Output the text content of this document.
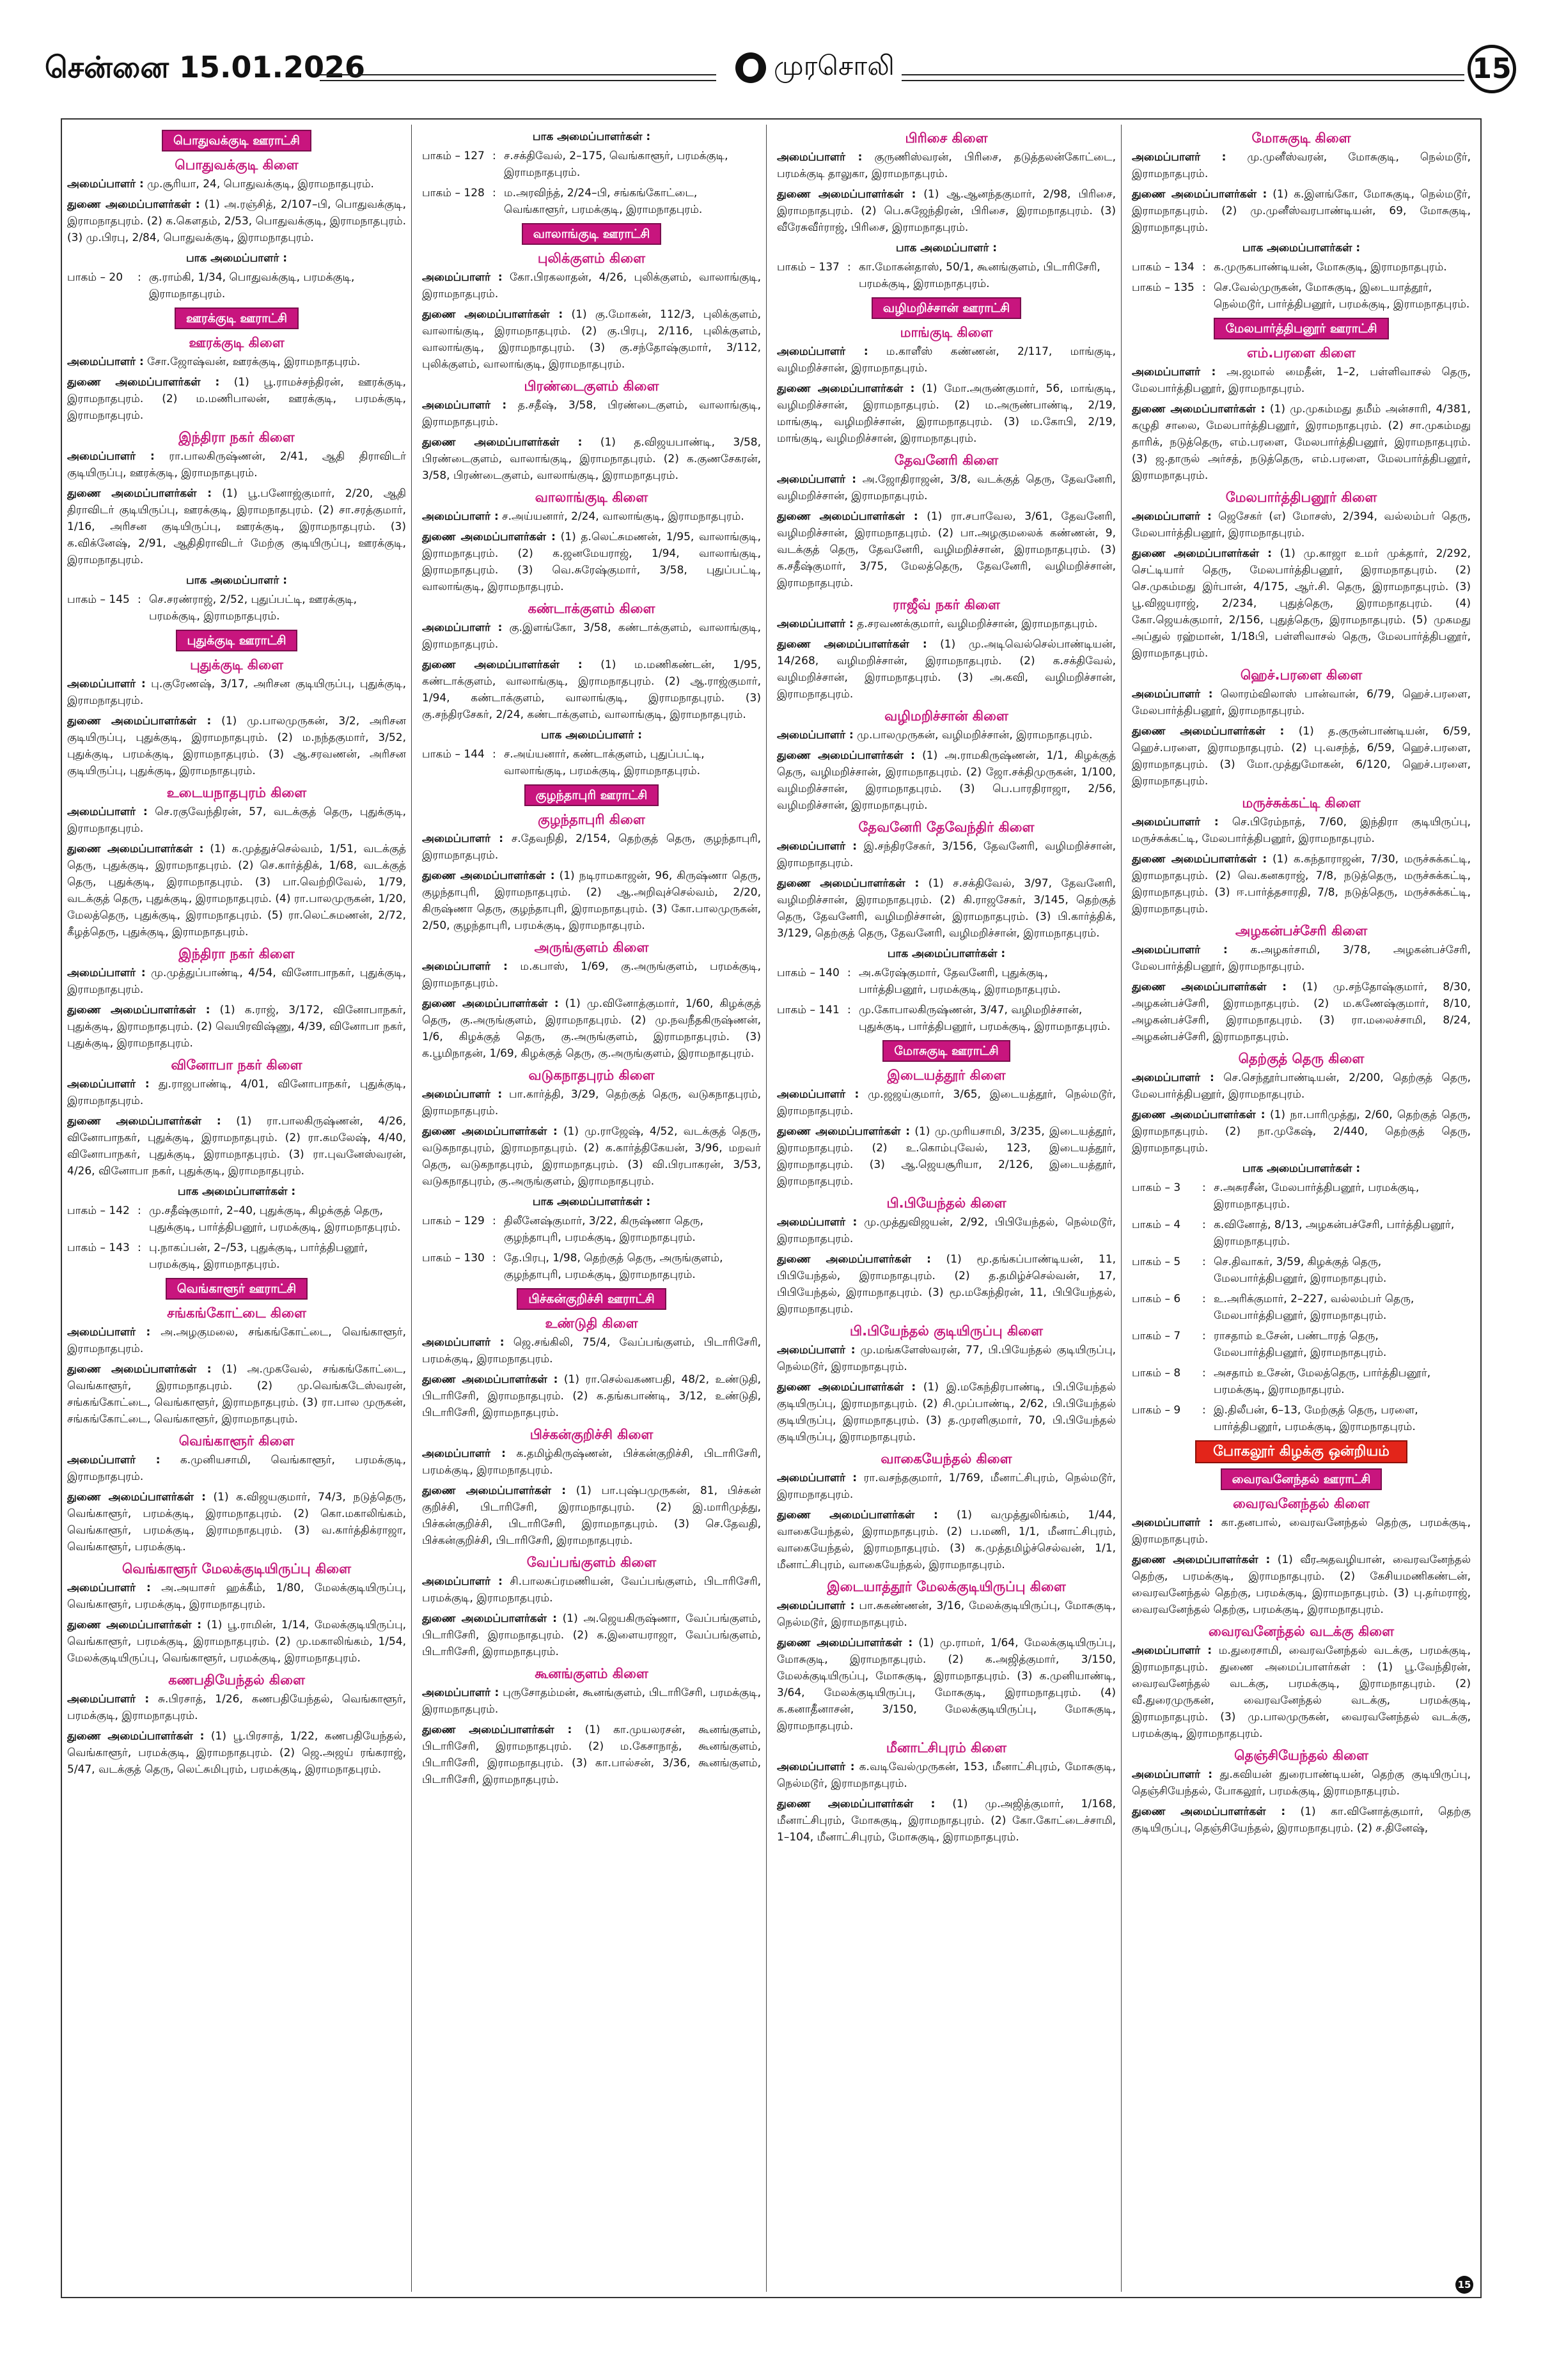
சென்னை 15.01.2026	முரசொலி	15
பொதுவக்குடி ஊராட்சி
பொதுவக்குடி கிளை
அமைப்பாளர் : மு.சூரியா, 24, பொதுவக்குடி, இராமநாதபுரம்.
துணை அமைப்பாளர்கள் : (1) அ.ரஞ்சித், 2/107–பி, பொதுவக்குடி, இராமநாதபுரம். (2) க.கௌதம், 2/53, பொதுவக்குடி, இராமநாதபுரம். (3) மு.பிரபு, 2/84, பொதுவக்குடி, இராமநாதபுரம்.
பாக அமைப்பாளர் :
பாகம் – 20	: கு.ராம்கி, 1/34, பொதுவக்குடி, பரமக்குடி, இராமநாதபுரம்.
ஊரக்குடி ஊராட்சி
ஊரக்குடி கிளை
அமைப்பாளர் : சோ.ஜோஷ்வன், ஊரக்குடி, இராமநாதபுரம்.
துணை அமைப்பாளர்கள் : (1) பூ.ராமச்சந்திரன், ஊரக்குடி, இராமநாதபுரம். (2) ம.மணிபாலன், ஊரக்குடி, பரமக்குடி, இராமநாதபுரம்.
இந்திரா நகர் கிளை
அமைப்பாளர் : ரா.பாலகிருஷ்ணன், 2/41, ஆதி திராவிடர் குடியிருப்பு, ஊரக்குடி, இராமநாதபுரம்.
துணை அமைப்பாளர்கள் : (1) பூ.பனோஜ்குமார், 2/20, ஆதி திராவிடர் குடியிருப்பு, ஊரக்குடி, இராமநாதபுரம். (2) சா.சரத்குமார், 1/16, அரிசன குடியிருப்பு, ஊரக்குடி, இராமநாதபுரம். (3) க.விக்னேஷ், 2/91, ஆதிதிராவிடர் மேற்கு குடியிருப்பு, ஊரக்குடி, இராமநாதபுரம்.
பாக அமைப்பாளர் :
பாகம் – 145 : செ.சரண்ராஜ், 2/52, புதுப்பட்டி, ஊரக்குடி, பரமக்குடி, இராமநாதபுரம்.
புதுக்குடி ஊராட்சி
புதுக்குடி கிளை
அமைப்பாளர் : பு.குரேணஷ், 3/17, அரிசன குடியிருப்பு, புதுக்குடி, இராமநாதபுரம்.
துணை அமைப்பாளர்கள் : (1) மு.பாலமுருகன், 3/2, அரிசன குடியிருப்பு, புதுக்குடி, இராமநாதபுரம். (2) ம.நந்தகுமார், 3/52, புதுக்குடி, பரமக்குடி, இராமநாதபுரம். (3) ஆ.சரவணன், அரிசன குடியிருப்பு, புதுக்குடி, இராமநாதபுரம்.
உடையநாதபுரம் கிளை
அமைப்பாளர் : செ.ரகுவேந்திரன், 57, வடக்குத் தெரு, புதுக்குடி, இராமநாதபுரம்.
துணை அமைப்பாளர்கள் : (1) க.முத்துச்செல்வம், 1/51, வடக்குத் தெரு, புதுக்குடி, இராமநாதபுரம். (2) செ.கார்த்திக், 1/68, வடக்குத் தெரு, புதுக்குடி, இராமநாதபுரம். (3) பா.வெற்றிவேல், 1/79, வடக்குத் தெரு, புதுக்குடி, இராமநாதபுரம். (4) ரா.பாலமுருகன், 1/20, மேலத்தெரு, புதுக்குடி, இராமநாதபுரம். (5) ரா.லெட்சுமணன், 2/72, கீழத்தெரு, புதுக்குடி, இராமநாதபுரம்.
இந்திரா நகர் கிளை
அமைப்பாளர் : மு.முத்துப்பாண்டி, 4/54, வினோபாநகர், புதுக்குடி, இராமநாதபுரம்.
துணை அமைப்பாளர்கள் : (1) க.ராஜ், 3/172, வினோபாநகர், புதுக்குடி, இராமநாதபுரம். (2) வெயிரவிஷ்ணு, 4/39, வினோபா நகர், புதுக்குடி, இராமநாதபுரம்.
வினோபா நகர் கிளை
அமைப்பாளர் : து.ராஜபாண்டி, 4/01, வினோபாநகர், புதுக்குடி, இராமநாதபுரம்.
துணை அமைப்பாளர்கள் : (1) ரா.பாலகிருஷ்ணன், 4/26, வினோபாநகர், புதுக்குடி, இராமநாதபுரம். (2) ரா.கமலேஷ், 4/40, வினோபாநகர், புதுக்குடி, இராமநாதபுரம். (3) ரா.புவனேஸ்வரன், 4/26, வினோபா நகர், புதுக்குடி, இராமநாதபுரம்.
பாக அமைப்பாளர்கள் :
பாகம் – 142 : மு.சதீஷ்குமார், 2–40, புதுக்குடி, கிழக்குத் தெரு, புதுக்குடி, பார்த்திபனூர், பரமக்குடி, இராமநாதபுரம்.
பாகம் – 143 : பு.நாகப்பன், 2–/53, புதுக்குடி, பார்த்திபனூர், பரமக்குடி, இராமநாதபுரம்.
வெங்காளூர் ஊராட்சி
சங்கங்கோட்டை கிளை
அமைப்பாளர் : அ.அழகுமலை, சங்கங்கோட்டை, வெங்காளூர், இராமநாதபுரம்.
துணை அமைப்பாளர்கள் : (1) அ.முகவேல், சங்கங்கோட்டை, வெங்காளூர், இராமநாதபுரம். (2) மு.வெங்கடேஸ்வரன், சங்கங்கோட்டை, வெங்காளூர், இராமநாதபுரம். (3) ரா.பால முருகன், சங்கங்கோட்டை, வெங்காளூர், இராமநாதபுரம்.
வெங்காளூர் கிளை
அமைப்பாளர் : க.முனியசாமி, வெங்காளூர், பரமக்குடி, இராமநாதபுரம்.
துணை அமைப்பாளர்கள் : (1) க.விஜயகுமார், 74/3, நடுத்தெரு, வெங்காளூர், பரமக்குடி, இராமநாதபுரம். (2) கொ.மகாலிங்கம், வெங்காளூர், பரமக்குடி, இராமநாதபுரம். (3) வ.கார்த்திக்ராஜா, வெங்காளூர், பரமக்குடி.
வெங்காளூர் மேலக்குடியிருப்பு கிளை
அமைப்பாளர் : அ.அயாசர் ஹக்கீம், 1/80, மேலக்குடியிருப்பு, வெங்காளூர், பரமக்குடி, இராமநாதபுரம்.
துணை அமைப்பாளர்கள் : (1) பூ.ராமின், 1/14, மேலக்குடியிருப்பு, வெங்காளூர், பரமக்குடி, இராமநாதபுரம். (2) மு.மகாலிங்கம், 1/54, மேலக்குடியிருப்பு, வெங்காளூர், பரமக்குடி, இராமநாதபுரம்.
கணபதியேந்தல் கிளை
அமைப்பாளர் : சு.பிரசாத், 1/26, கணபதியேந்தல், வெங்காளூர், பரமக்குடி, இராமநாதபுரம்.
துணை அமைப்பாளர்கள் : (1) பூ.பிரசாத், 1/22, கணபதியேந்தல், வெங்காளூர், பரமக்குடி, இராமநாதபுரம். (2) ஜெ.அஜய் ரங்கராஜ், 5/47, வடக்குத் தெரு, லெட்சுமிபுரம், பரமக்குடி, இராமநாதபுரம்.
பாக அமைப்பாளர்கள் :
பாகம் – 127 : ச.சக்திவேல், 2–175, வெங்காளூர், பரமக்குடி, இராமநாதபுரம்.
பாகம் – 128 : ம.அரவிந்த், 2/24–பி, சங்கங்கோட்டை, வெங்காளூர், பரமக்குடி, இராமநாதபுரம்.
வாலாங்குடி ஊராட்சி
புலிக்குளம் கிளை
அமைப்பாளர் : கோ.பிரகலாதன், 4/26, புலிக்குளம், வாலாங்குடி, இராமநாதபுரம்.
துணை அமைப்பாளர்கள் : (1) கு.மோகன், 112/3, புலிக்குளம், வாலாங்குடி, இராமநாதபுரம். (2) கு.பிரபு, 2/116, புலிக்குளம், வாலாங்குடி, இராமநாதபுரம். (3) கு.சந்தோஷ்குமார், 3/112, புலிக்குளம், வாலாங்குடி, இராமநாதபுரம்.
பிரண்டைகுளம் கிளை
அமைப்பாளர் : த.சதீஷ், 3/58, பிரண்டைகுளம், வாலாங்குடி, இராமநாதபுரம்.
துணை அமைப்பாளர்கள் : (1) த.விஜயபாண்டி, 3/58, பிரண்டைகுளம், வாலாங்குடி, இராமநாதபுரம். (2) க.குணசேகரன், 3/58, பிரண்டைகுளம், வாலாங்குடி, இராமநாதபுரம்.
வாலாங்குடி கிளை
அமைப்பாளர் : ச.அய்யனார், 2/24, வாலாங்குடி, இராமநாதபுரம்.
துணை அமைப்பாளர்கள் : (1) த.லெட்சுமணன், 1/95, வாலாங்குடி, இராமநாதபுரம். (2) க.ஜனமேயராஜ், 1/94, வாலாங்குடி, இராமநாதபுரம். (3) வெ.சுரேஷ்குமார், 3/58, புதுப்பட்டி, வாலாங்குடி, இராமநாதபுரம்.
கண்டாக்குளம் கிளை
அமைப்பாளர் : கு.இளங்கோ, 3/58, கண்டாக்குளம், வாலாங்குடி, இராமநாதபுரம்.
துணை அமைப்பாளர்கள் : (1) ம.மணிகண்டன், 1/95, கண்டாக்குளம், வாலாங்குடி, இராமநாதபுரம். (2) ஆ.ராஜ்குமார், 1/94, கண்டாக்குளம், வாலாங்குடி, இராமநாதபுரம். (3) கு.சந்திரசேகர், 2/24, கண்டாக்குளம், வாலாங்குடி, இராமநாதபுரம்.
பாக அமைப்பாளர் :
பாகம் – 144 : ச.அய்யனார், கண்டாக்குளம், புதுப்பட்டி, வாலாங்குடி, பரமக்குடி, இராமநாதபுரம்.
குழந்தாபுரி ஊராட்சி
குழந்தாபுரி கிளை
அமைப்பாளர் : ச.தேவநிதி, 2/154, தெற்குத் தெரு, குழந்தாபுரி, இராமநாதபுரம்.
துணை அமைப்பாளர்கள் : (1) நடிராமகாஜன், 96, கிருஷ்ணா தெரு, குழந்தாபுரி, இராமநாதபுரம். (2) ஆ.அறிவுச்செல்வம், 2/20, கிருஷ்ணா தெரு, குழந்தாபுரி, இராமநாதபுரம். (3) கோ.பாலமுருகன், 2/50, குழந்தாபுரி, பரமக்குடி, இராமநாதபுரம்.
அருங்குளம் கிளை
அமைப்பாளர் : ம.கபாஸ், 1/69, கு.அருங்குளம், பரமக்குடி, இராமநாதபுரம்.
துணை அமைப்பாளர்கள் : (1) மு.வினோத்குமார், 1/60, கிழக்குத் தெரு, கு.அருங்குளம், இராமநாதபுரம். (2) மு.நவநீதகிருஷ்ணன், 1/6, கிழக்குத் தெரு, கு.அருங்குளம், இராமநாதபுரம். (3) க.பூமிநாதன், 1/69, கிழக்குத் தெரு, கு.அருங்குளம், இராமநாதபுரம்.
வடுகநாதபுரம் கிளை
அமைப்பாளர் : பா.கார்த்தி, 3/29, தெற்குத் தெரு, வடுகநாதபுரம், இராமநாதபுரம்.
துணை அமைப்பாளர்கள் : (1) மு.ராஜேஷ், 4/52, வடக்குத் தெரு, வடுகநாதபுரம், இராமநாதபுரம். (2) க.கார்த்திகேயன், 3/96, மறவர் தெரு, வடுகநாதபுரம், இராமநாதபுரம். (3) வி.பிரபாகரன், 3/53, வடுகநாதபுரம், கு.அருங்குளம், இராமநாதபுரம்.
பாக அமைப்பாளர்கள் :
பாகம் – 129 : திலீனேஷ்குமார், 3/22, கிருஷ்ணா தெரு, குழந்தாபுரி, பரமக்குடி, இராமநாதபுரம்.
பாகம் – 130 : தே.பிரபு, 1/98, தெற்குத் தெரு, அருங்குளம், குழந்தாபுரி, பரமக்குடி, இராமநாதபுரம்.
பிச்கன்குறிச்சி ஊராட்சி
உண்டுதி கிளை
அமைப்பாளர் : ஜெ.சங்கிலி, 75/4, வேப்பங்குளம், பிடாரிசேரி, பரமக்குடி, இராமநாதபுரம்.
துணை அமைப்பாளர்கள் : (1) ரா.செல்வகணபதி, 48/2, உண்டுதி, பிடாரிசேரி, இராமநாதபுரம். (2) க.தங்கபாண்டி, 3/12, உண்டுதி, பிடாரிசேரி, இராமநாதபுரம்.
பிச்கன்குறிச்சி கிளை
அமைப்பாளர் : க.தமிழ்கிருஷ்ணன், பிச்கன்குறிச்சி, பிடாரிசேரி, பரமக்குடி, இராமநாதபுரம்.
துணை அமைப்பாளர்கள் : (1) பா.புஷ்பமுருகன், 81, பிச்கன் குறிச்சி, பிடாரிசேரி, இராமநாதபுரம். (2) இ.மாரிமுத்து, பிச்கன்குறிச்சி, பிடாரிசேரி, இராமநாதபுரம். (3) செ.தேவதி, பிச்கன்குறிச்சி, பிடாரிசேரி, இராமநாதபுரம்.
வேப்பங்குளம் கிளை
அமைப்பாளர் : சி.பாலசுப்ரமணியன், வேப்பங்குளம், பிடாரிசேரி, பரமக்குடி, இராமநாதபுரம்.
துணை அமைப்பாளர்கள் : (1) அ.ஜெயகிருஷ்ணா, வேப்பங்குளம், பிடாரிசேரி, இராமநாதபுரம். (2) க.இளையராஜா, வேப்பங்குளம், பிடாரிசேரி, இராமநாதபுரம்.
கூனங்குளம் கிளை
அமைப்பாளர் : புருசோதம்மன், கூனங்குளம், பிடாரிசேரி, பரமக்குடி, இராமநாதபுரம்.
துணை அமைப்பாளர்கள் : (1) கா.முயலரசன், கூனங்குளம், பிடாரிசேரி, இராமநாதபுரம். (2) ம.கேசாநாத், கூனங்குளம், பிடாரிசேரி, இராமநாதபுரம். (3) கா.பால்சன், 3/36, கூனங்குளம், பிடாரிசேரி, இராமநாதபுரம்.
பிரிசை கிளை
அமைப்பாளர் : குருணிஸ்வரன், பிரிசை, தடுத்தலன்கோட்டை, பரமக்குடி தாலுகா, இராமநாதபுரம்.
துணை அமைப்பாளர்கள் : (1) ஆ.ஆனந்தகுமார், 2/98, பிரிசை, இராமநாதபுரம். (2) பெ.சுஜேந்திரன், பிரிசை, இராமநாதபுரம். (3) வீரேசுவீர்ராஜ், பிரிசை, இராமநாதபுரம்.
பாக அமைப்பாளர் :
பாகம் – 137 : கா.மோகன்தாஸ், 50/1, கூனங்குளம், பிடாரிசேரி, பரமக்குடி, இராமநாதபுரம்.
வழிமறிச்சான் ஊராட்சி
மாங்குடி கிளை
அமைப்பாளர் : ம.காளீஸ் கண்ணன், 2/117, மாங்குடி, வழிமறிச்சான், இராமநாதபுரம்.
துணை அமைப்பாளர்கள் : (1) மோ.அருண்குமார், 56, மாங்குடி, வழிமறிச்சான், இராமநாதபுரம். (2) ம.அருண்பாண்டி, 2/19, மாங்குடி, வழிமறிச்சான், இராமநாதபுரம். (3) ம.கோபி, 2/19, மாங்குடி, வழிமறிச்சான், இராமநாதபுரம்.
தேவனேரி கிளை
அமைப்பாளர் : அ.ஜோதிராஜன், 3/8, வடக்குத் தெரு, தேவனேரி, வழிமறிச்சான், இராமநாதபுரம்.
துணை அமைப்பாளர்கள் : (1) ரா.சபாவேல, 3/61, தேவனேரி, வழிமறிச்சான், இராமநாதபுரம். (2) பா.அழகுமலைக் கண்ணன், 9, வடக்குத் தெரு, தேவனேரி, வழிமறிச்சான், இராமநாதபுரம். (3) க.சதீஷ்குமார், 3/75, மேலத்தெரு, தேவனேரி, வழிமறிச்சான், இராமநாதபுரம்.
ராஜீவ் நகர் கிளை
அமைப்பாளர் : த.சரவணக்குமார், வழிமறிச்சான், இராமநாதபுரம்.
துணை அமைப்பாளர்கள் : (1) மு.அடிவெல்செல்பாண்டியன், 14/268, வழிமறிச்சான், இராமநாதபுரம். (2) க.சக்திவேல், வழிமறிச்சான், இராமநாதபுரம். (3) அ.கவி, வழிமறிச்சான், இராமநாதபுரம்.
வழிமறிச்சான் கிளை
அமைப்பாளர் : மு.பாலமுருகன், வழிமறிச்சான், இராமநாதபுரம்.
துணை அமைப்பாளர்கள் : (1) அ.ராமகிருஷ்ணன், 1/1, கிழக்குத் தெரு, வழிமறிச்சான், இராமநாதபுரம். (2) ஜோ.சக்திமுருகன், 1/100, வழிமறிச்சான், இராமநாதபுரம். (3) பெ.பாரதிராஜா, 2/56, வழிமறிச்சான், இராமநாதபுரம்.
தேவனேரி தேவேந்திர் கிளை
அமைப்பாளர் : இ.சந்திரசேகர், 3/156, தேவனேரி, வழிமறிச்சான், இராமநாதபுரம்.
துணை அமைப்பாளர்கள் : (1) ச.சக்திவேல், 3/97, தேவனேரி, வழிமறிச்சான், இராமநாதபுரம். (2) கி.ராஜசேகர், 3/145, தெற்குத் தெரு, தேவனேரி, வழிமறிச்சான், இராமநாதபுரம். (3) பி.கார்த்திக், 3/129, தெற்குத் தெரு, தேவனேரி, வழிமறிச்சான், இராமநாதபுரம்.
பாக அமைப்பாளர்கள் :
பாகம் – 140 : அ.சுரேஷ்குமார், தேவனேரி, புதுக்குடி, பார்த்திபனூர், பரமக்குடி, இராமநாதபுரம்.
பாகம் – 141 : மு.கோபாலகிருஷ்ணன், 3/47, வழிமறிச்சான், புதுக்குடி, பார்த்திபனூர், பரமக்குடி, இராமநாதபுரம்.
மோசுகுடி ஊராட்சி
இடையத்தூர் கிளை
அமைப்பாளர் : மு.ஜஜய்குமார், 3/65, இடையத்தூர், நெல்மடூர், இராமநாதபுரம்.
துணை அமைப்பாளர்கள் : (1) மு.முரியசாமி, 3/235, இடையத்தூர், இராமநாதபுரம். (2) உ.கொம்புவேல், 123, இடையத்தூர், இராமநாதபுரம். (3) ஆ.ஜெயசூரியா, 2/126, இடையத்தூர், இராமநாதபுரம்.
பி.பியேந்தல் கிளை
அமைப்பாளர் : மு.முத்துவிஜயன், 2/92, பிபியேந்தல், நெல்மடூர், இராமநாதபுரம்.
துணை அமைப்பாளர்கள் : (1) மூ.தங்கப்பாண்டியன், 11, பிபியேந்தல், இராமநாதபுரம். (2) த.தமிழ்ச்செல்வன், 17, பிபியேந்தல், இராமநாதபுரம். (3) மூ.மகேந்திரன், 11, பிபியேந்தல், இராமநாதபுரம்.
பி.பியேந்தல் குடியிருப்பு கிளை
அமைப்பாளர் : மு.மங்களேஸ்வரன், 77, பி.பியேந்தல் குடியிருப்பு, நெல்மடூர், இராமநாதபுரம்.
துணை அமைப்பாளர்கள் : (1) இ.மகேந்திரபாண்டி, பி.பியேந்தல் குடியிருப்பு, இராமநாதபுரம். (2) சி.முப்பாண்டி, 2/62, பி.பியேந்தல் குடியிருப்பு, இராமநாதபுரம். (3) த.முரளிகுமார், 70, பி.பியேந்தல் குடியிருப்பு, இராமநாதபுரம்.
வாகையேந்தல் கிளை
அமைப்பாளர் : ரா.வசந்தகுமார், 1/769, மீனாட்சிபுரம், நெல்மடூர், இராமநாதபுரம்.
துணை அமைப்பாளர்கள் : (1) வமுத்துலிங்கம், 1/44, வாகையேந்தல், இராமநாதபுரம். (2) ப.மணி, 1/1, மீனாட்சிபுரம், வாகையேந்தல், இராமநாதபுரம். (3) க.முத்தமிழ்ச்செல்வன், 1/1, மீனாட்சிபுரம், வாகையேந்தல், இராமநாதபுரம்.
இடையாத்தூர் மேலக்குடியிருப்பு கிளை
அமைப்பாளர் : பா.சுகண்ணன், 3/16, மேலக்குடியிருப்பு, மோசுகுடி, நெல்மடூர், இராமநாதபுரம்.
துணை அமைப்பாளர்கள் : (1) மு.ராமர், 1/64, மேலக்குடியிருப்பு, மோசுகுடி, இராமநாதபுரம். (2) க.அஜித்குமார், 3/150, மேலக்குடியிருப்பு, மோசுகுடி, இராமநாதபுரம். (3) க.முனியாண்டி, 3/64, மேலக்குடியிருப்பு, மோசுகுடி, இராமநாதபுரம். (4) க.கனாதீனாசன், 3/150, மேலக்குடியிருப்பு, மோசுகுடி, இராமநாதபுரம்.
மீனாட்சிபுரம் கிளை
அமைப்பாளர் : க.வடிவேல்முருகன், 153, மீனாட்சிபுரம், மோசுகுடி, நெல்மடூர், இராமநாதபுரம்.
துணை அமைப்பாளர்கள் : (1) மு.அஜித்குமார், 1/168, மீனாட்சிபுரம், மோசுகுடி, இராமநாதபுரம். (2) கோ.கோட்டைச்சாமி, 1–104, மீனாட்சிபுரம், மோசுகுடி, இராமநாதபுரம்.
மோசுகுடி கிளை
அமைப்பாளர் : மு.முனீஸ்வரன், மோசுகுடி, நெல்மடூர், இராமநாதபுரம்.
துணை அமைப்பாளர்கள் : (1) க.இளங்கோ, மோசுகுடி, நெல்மடூர், இராமநாதபுரம். (2) மு.முனீஸ்வரபாண்டியன், 69, மோசுகுடி, இராமநாதபுரம்.
பாக அமைப்பாளர்கள் :
பாகம் – 134 : க.முருகபாண்டியன், மோசுகுடி, இராமநாதபுரம்.
பாகம் – 135 : செ.வேல்முருகன், மோசுகுடி, இடையாத்தூர், நெல்மடூர், பார்த்திபனூர், பரமக்குடி, இராமநாதபுரம்.
மேலபார்த்திபனூர் ஊராட்சி
எம்.பரளை கிளை
அமைப்பாளர் : அ.ஜமால் மைதீன், 1–2, பள்ளிவாசல் தெரு, மேலபார்த்திபனூர், இராமநாதபுரம்.
துணை அமைப்பாளர்கள் : (1) மு.முகம்மது தமீம் அன்சாரி, 4/381, கழுதி சாலை, மேலபார்த்திபனூர், இராமநாதபுரம். (2) சா.முகம்மது தாரிக், நடுத்தெரு, எம்.பரளை, மேலபார்த்திபனூர், இராமநாதபுரம். (3) ஜ.தாருல் அர்சத், நடுத்தெரு, எம்.பரளை, மேலபார்த்திபனூர், இராமநாதபுரம்.
மேலபார்த்திபனூர் கிளை
அமைப்பாளர் : ஜெசேகர் (எ) மோசஸ், 2/394, வல்லம்பர் தெரு, மேலபார்த்திபனூர், இராமநாதபுரம்.
துணை அமைப்பாளர்கள் : (1) மு.காஜா உமர் முக்தார், 2/292, செட்டியார் தெரு, மேலபார்த்திபனூர், இராமநாதபுரம். (2) செ.முகம்மது இர்பான், 4/175, ஆர்.சி. தெரு, இராமநாதபுரம். (3) பூ.விஜயராஜ், 2/234, புதுத்தெரு, இராமநாதபுரம். (4) கோ.ஜெயக்குமார், 2/156, புதுத்தெரு, இராமநாதபுரம். (5) முகமது அப்துல் ரஹ்மான், 1/18பி, பள்ளிவாசல் தெரு, மேலபார்த்திபனூர், இராமநாதபுரம்.
ஹெச்.பரளை கிளை
அமைப்பாளர் : லொரம்விலாஸ் பான்வான், 6/79, ஹெச்.பரளை, மேலபார்த்திபனூர், இராமநாதபுரம்.
துணை அமைப்பாளர்கள் : (1) த.குருன்பாண்டியன், 6/59, ஹெச்.பரளை, இராமநாதபுரம். (2) பு.வசந்த், 6/59, ஹெச்.பரளை, இராமநாதபுரம். (3) மோ.முத்துமோகன், 6/120, ஹெச்.பரளை, இராமநாதபுரம்.
மருச்சுக்கட்டி கிளை
அமைப்பாளர் : செ.பிரேம்நாத், 7/60, இந்திரா குடியிருப்பு, மருச்சுக்கட்டி, மேலபார்த்திபனூர், இராமநாதபுரம்.
துணை அமைப்பாளர்கள் : (1) க.கந்தாராஜன், 7/30, மருச்சுக்கட்டி, இராமநாதபுரம். (2) வெ.கனகராஜ், 7/8, நடுத்தெரு, மருச்சுக்கட்டி, இராமநாதபுரம். (3) ஈ.பார்த்தசாரதி, 7/8, நடுத்தெரு, மருச்சுக்கட்டி, இராமநாதபுரம்.
அழகன்பச்சேரி கிளை
அமைப்பாளர் : க.அழகர்சாமி, 3/78, அழகன்பச்சேரி, மேலபார்த்திபனூர், இராமநாதபுரம்.
துணை அமைப்பாளர்கள் : (1) மு.சந்தோஷ்குமார், 8/30, அழகன்பச்சேரி, இராமநாதபுரம். (2) ம.கணேஷ்குமார், 8/10, அழகன்பச்சேரி, இராமநாதபுரம். (3) ரா.மலைச்சாமி, 8/24, அழகன்பச்சேரி, இராமநாதபுரம்.
தெற்குத் தெரு கிளை
அமைப்பாளர் : செ.செந்தூர்பாண்டியன், 2/200, தெற்குத் தெரு, மேலபார்த்திபனூர், இராமநாதபுரம்.
துணை அமைப்பாளர்கள் : (1) நா.பாரிமுத்து, 2/60, தெற்குத் தெரு, இராமநாதபுரம். (2) நா.முகேஷ், 2/440, தெற்குத் தெரு, இராமநாதபுரம்.
பாக அமைப்பாளர்கள் :
பாகம் – 3	: ச.அசுரசீன், மேலபார்த்திபனூர், பரமக்குடி, இராமநாதபுரம்.
பாகம் – 4	: க.வினோத், 8/13, அழகன்பச்சேரி, பார்த்திபனூர், இராமநாதபுரம்.
பாகம் – 5	: செ.திவாகர், 3/59, கிழக்குத் தெரு, மேலபார்த்திபனூர், இராமநாதபுரம்.
பாகம் – 6	: உ.அரிக்குமார், 2–227, வல்லம்பர் தெரு, மேலபார்த்திபனூர், இராமநாதபுரம்.
பாகம் – 7	: ராசதாம் உசேன், பண்டாரத் தெரு, மேலபார்த்திபனூர், இராமநாதபுரம்.
பாகம் – 8	: அசதாம் உசேன், மேலத்தெரு, பார்த்திபனூர், பரமக்குடி, இராமநாதபுரம்.
பாகம் – 9	: இ.திலீபன், 6–13, மேற்குத் தெரு, பரளை, பார்த்திபனூர், பரமக்குடி, இராமநாதபுரம்.
போகலூர் கிழக்கு ஒன்றியம்
வைரவனேந்தல் ஊராட்சி
வைரவனேந்தல் கிளை
அமைப்பாளர் : கா.தனபால், வைரவனேந்தல் தெற்கு, பரமக்குடி, இராமநாதபுரம்.
துணை அமைப்பாளர்கள் : (1) வீரஅதவழியான், வைரவனேந்தல் தெற்கு, பரமக்குடி, இராமநாதபுரம். (2) கேசியமணிகண்டன், வைரவனேந்தல் தெற்கு, பரமக்குடி, இராமநாதபுரம். (3) பு.தர்மராஜ், வைரவனேந்தல் தெற்கு, பரமக்குடி, இராமநாதபுரம்.
வைரவனேந்தல் வடக்கு கிளை
அமைப்பாளர் : ம.துரைசாமி, வைரவனேந்தல் வடக்கு, பரமக்குடி, இராமநாதபுரம். துணை அமைப்பாளர்கள் : (1) பூ.வேந்திரன், வைரவனேந்தல் வடக்கு, பரமக்குடி, இராமநாதபுரம். (2) வீ.துரைமுருகன், வைரவனேந்தல் வடக்கு, பரமக்குடி, இராமநாதபுரம். (3) மு.பாலமுருகன், வைரவனேந்தல் வடக்கு, பரமக்குடி, இராமநாதபுரம்.
தெஞ்சியேந்தல் கிளை
அமைப்பாளர் : து.கவியன் துரைபாண்டியன், தெற்கு குடியிருப்பு, தெஞ்சியேந்தல், போகலூர், பரமக்குடி, இராமநாதபுரம்.
துணை அமைப்பாளர்கள் : (1) கா.வினோத்குமார், தெற்கு குடியிருப்பு, தெஞ்சியேந்தல், இராமநாதபுரம். (2) ச.தினேஷ்,
15
